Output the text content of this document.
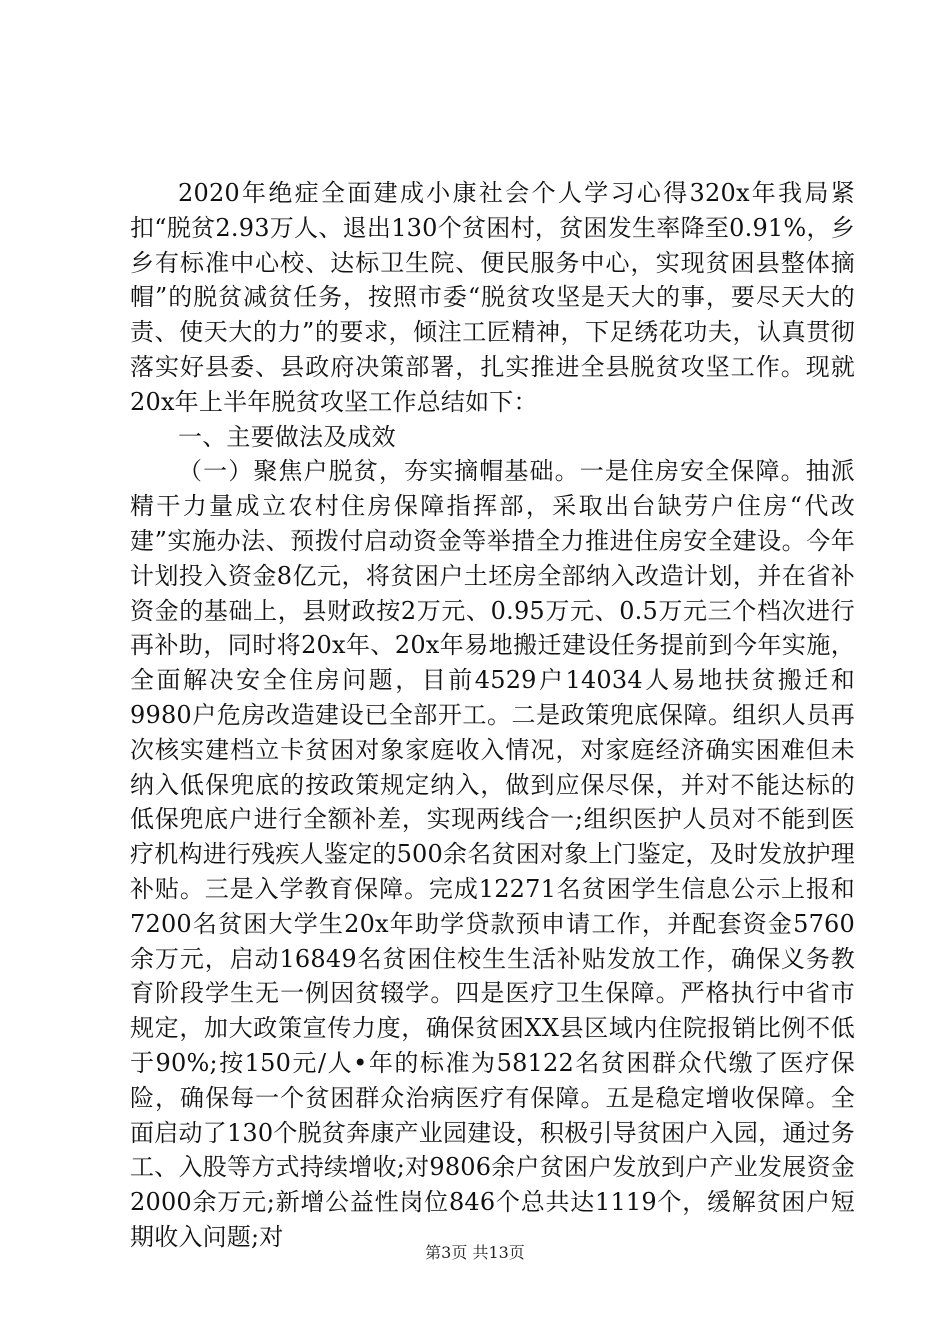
2020年绝症全面建成小康社会个人学习心得320x年我局紧扣“脱贫2.93万人、退出130个贫困村，贫困发生率降至0.91%，乡乡有标准中心校、达标卫生院、便民服务中心，实现贫困县整体摘帽”的脱贫减贫任务，按照市委“脱贫攻坚是天大的事，要尽天大的责、使天大的力”的要求，倾注工匠精神，下足绣花功夫，认真贯彻落实好县委、县政府决策部署，扎实推进全县脱贫攻坚工作。现就20x年上半年脱贫攻坚工作总结如下：

一、主要做法及成效

（一）聚焦户脱贫，夯实摘帽基础。一是住房安全保障。抽派精干力量成立农村住房保障指挥部，采取出台缺劳户住房“代改建”实施办法、预拨付启动资金等举措全力推进住房安全建设。今年计划投入资金8亿元，将贫困户土坯房全部纳入改造计划，并在省补资金的基础上，县财政按2万元、0.95万元、0.5万元三个档次进行再补助，同时将20x年、20x年易地搬迁建设任务提前到今年实施，全面解决安全住房问题，目前4529户14034人易地扶贫搬迁和9980户危房改造建设已全部开工。二是政策兜底保障。组织人员再次核实建档立卡贫困对象家庭收入情况，对家庭经济确实困难但未纳入低保兜底的按政策规定纳入，做到应保尽保，并对不能达标的低保兜底户进行全额补差，实现两线合一;组织医护人员对不能到医疗机构进行残疾人鉴定的500余名贫困对象上门鉴定，及时发放护理补贴。三是入学教育保障。完成12271名贫困学生信息公示上报和7200名贫困大学生20x年助学贷款预申请工作，并配套资金5760余万元，启动16849名贫困住校生生活补贴发放工作，确保义务教育阶段学生无一例因贫辍学。四是医疗卫生保障。严格执行中省市规定，加大政策宣传力度，确保贫困XX县区域内住院报销比例不低于90%;按150元/人•年的标准为58122名贫困群众代缴了医疗保险，确保每一个贫困群众治病医疗有保障。五是稳定增收保障。全面启动了130个脱贫奔康产业园建设，积极引导贫困户入园，通过务工、入股等方式持续增收;对9806余户贫困户发放到户产业发展资金2000余万元;新增公益性岗位846个总共达1119个，缓解贫困户短期收入问题;对

第3页 共13页
